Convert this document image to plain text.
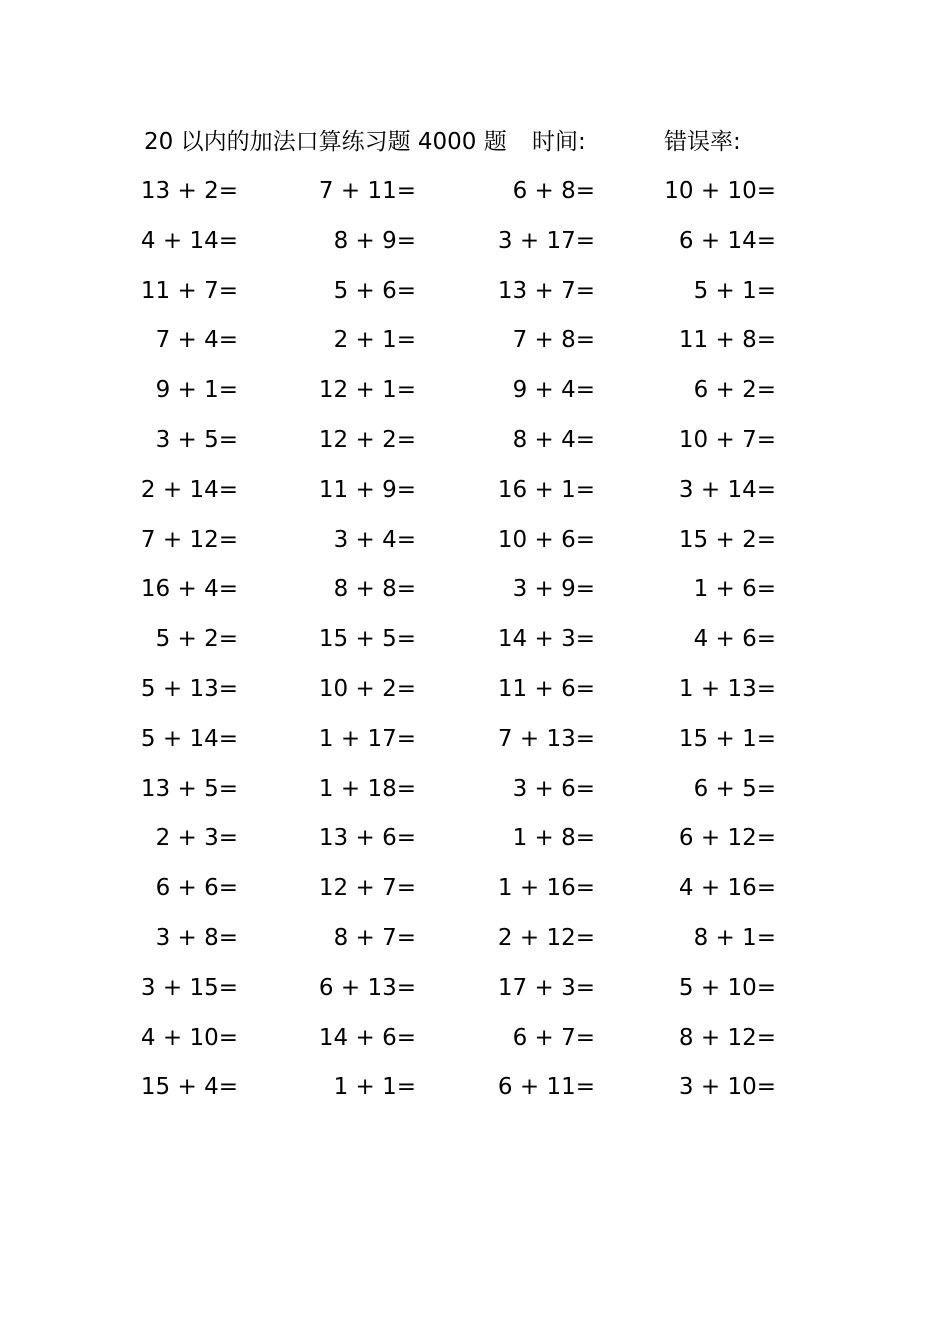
20 以内的加法口算练习题 4000 题 时间:	错误率:
13 + 2=	7 + 11=	6 + 8=	10 + 10=
4 + 14=	8 + 9=	3 + 17=	6 + 14=
11 + 7=	5 + 6=	13 + 7=	5 + 1=
7 + 4=	2 + 1=	7 + 8=	11 + 8=
9 + 1=	12 + 1=	9 + 4=	6 + 2=
3 + 5=	12 + 2=	8 + 4=	10 + 7=
2 + 14=	11 + 9=	16 + 1=	3 + 14=
7 + 12=	3 + 4=	10 + 6=	15 + 2=
16 + 4=	8 + 8=	3 + 9=	1 + 6=
5 + 2=	15 + 5=	14 + 3=	4 + 6=
5 + 13=	10 + 2=	11 + 6=	1 + 13=
5 + 14=	1 + 17=	7 + 13=	15 + 1=
13 + 5=	1 + 18=	3 + 6=	6 + 5=
2 + 3=	13 + 6=	1 + 8=	6 + 12=
6 + 6=	12 + 7=	1 + 16=	4 + 16=
3 + 8=	8 + 7=	2 + 12=	8 + 1=
3 + 15=	6 + 13=	17 + 3=	5 + 10=
4 + 10=	14 + 6=	6 + 7=	8 + 12=
15 + 4=	1 + 1=	6 + 11=	3 + 10=
